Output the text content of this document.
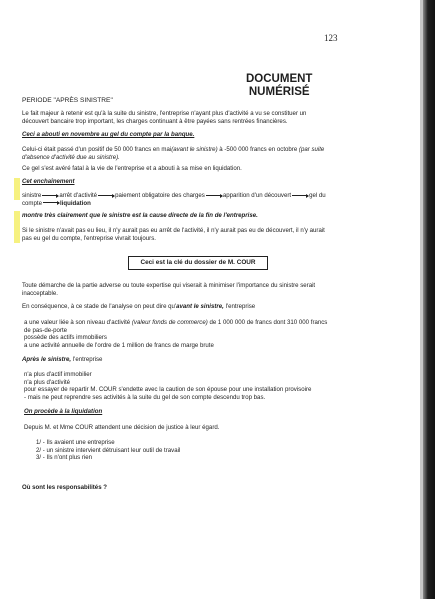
123
DOCUMENT
NUMÉRISÉ
PERIODE "APRÈS SINISTRE"
Le fait majeur à retenir est qu'à la suite du sinistre, l'entreprise n'ayant plus d'activité a vu se constituer un
découvert bancaire trop important, les charges continuant à être payées sans rentrées financières.
Ceci a abouti en novembre au gel du compte par la banque.
Celui-ci était passé d'un positif de 50 000 francs en mai(avant le sinistre) à -500 000 francs en octobre (par suite
d'absence d'activité due au sinistre).
Ce gel s'est avéré fatal à la vie de l'entreprise et a abouti à sa mise en liquidation.
Cet enchaînement
sinistre	arrêt d'activité	paiement obligatoire des charges	apparition d'un découvert	gel du
compte	liquidation
montre très clairement que le sinistre est la cause directe de la fin de l'entreprise.
Si le sinistre n'avait pas eu lieu, il n'y aurait pas eu arrêt de l'activité, il n'y aurait pas eu de découvert, il n'y aurait
pas eu gel du compte, l'entreprise vivrait toujours.
Ceci est la clé du dossier de M. COUR
Toute démarche de la partie adverse ou toute expertise qui viserait à minimiser l'importance du sinistre serait
inacceptable.
En conséquence, à ce stade de l'analyse on peut dire qu'avant le sinistre, l'entreprise
a une valeur liée à son niveau d'activité (valeur fonds de commerce) de 1 000 000 de francs dont 310 000 francs
de pas-de-porte
possède des actifs immobiliers
a une activité annuelle de l'ordre de 1 million de francs de marge brute
Après le sinistre, l'entreprise
n'a plus d'actif immobilier
n'a plus d'activité
pour essayer de repartir M. COUR s'endette avec la caution de son épouse pour une installation provisoire
- mais ne peut reprendre ses activités à la suite du gel de son compte descendu trop bas.
On procède à la liquidation
Depuis M. et Mme COUR attendent une décision de justice à leur égard.
1/ - Ils avaient une entreprise
2/ - un sinistre intervient détruisant leur outil de travail
3/ - Ils n'ont plus rien
Où sont les responsabilités ?
